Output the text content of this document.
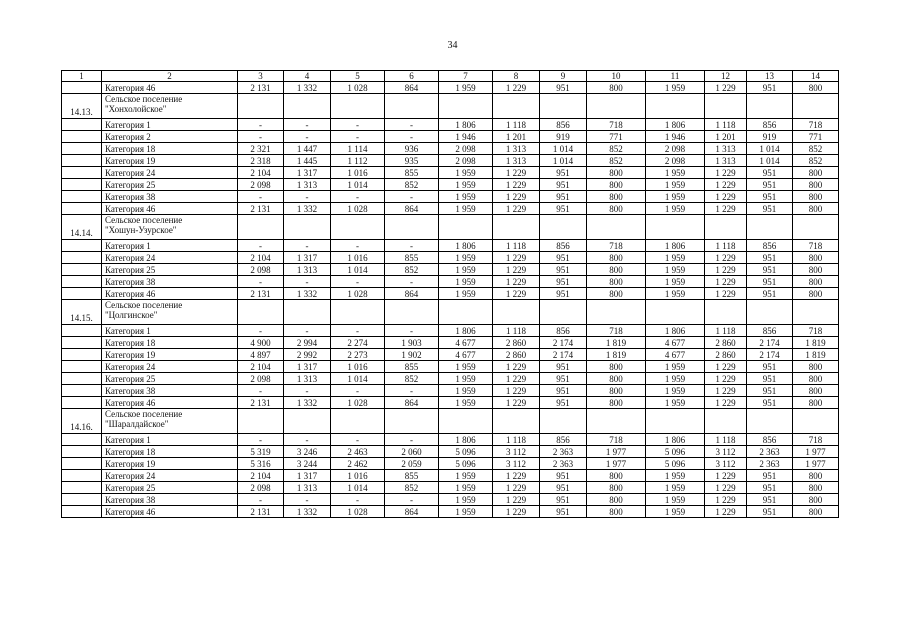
34
1	2	3	4	5	6	7	8	9	10	11	12	13	14
	Категория 46	2 131	1 332	1 028	864	1 959	1 229	951	800	1 959	1 229	951	800
14.13.	Сельское поселение
"Хонхолойское"												

	Категория 1	-	-	-	-	1 806	1 118	856	718	1 806	1 118	856	718
	Категория 2	-	-	-	-	1 946	1 201	919	771	1 946	1 201	919	771
	Категория 18	2 321	1 447	1 114	936	2 098	1 313	1 014	852	2 098	1 313	1 014	852
	Категория 19	2 318	1 445	1 112	935	2 098	1 313	1 014	852	2 098	1 313	1 014	852
	Категория 24	2 104	1 317	1 016	855	1 959	1 229	951	800	1 959	1 229	951	800
	Категория 25	2 098	1 313	1 014	852	1 959	1 229	951	800	1 959	1 229	951	800
	Категория 38	-	-	-	-	1 959	1 229	951	800	1 959	1 229	951	800
	Категория 46	2 131	1 332	1 028	864	1 959	1 229	951	800	1 959	1 229	951	800
14.14.	Сельское поселение
"Хошун-Узурское"												

	Категория 1	-	-	-	-	1 806	1 118	856	718	1 806	1 118	856	718
	Категория 24	2 104	1 317	1 016	855	1 959	1 229	951	800	1 959	1 229	951	800
	Категория 25	2 098	1 313	1 014	852	1 959	1 229	951	800	1 959	1 229	951	800
	Категория 38	-	-	-	-	1 959	1 229	951	800	1 959	1 229	951	800
	Категория 46	2 131	1 332	1 028	864	1 959	1 229	951	800	1 959	1 229	951	800
14.15.	Сельское поселение
"Цолгинское"												

	Категория 1	-	-	-	-	1 806	1 118	856	718	1 806	1 118	856	718
	Категория 18	4 900	2 994	2 274	1 903	4 677	2 860	2 174	1 819	4 677	2 860	2 174	1 819
	Категория 19	4 897	2 992	2 273	1 902	4 677	2 860	2 174	1 819	4 677	2 860	2 174	1 819
	Категория 24	2 104	1 317	1 016	855	1 959	1 229	951	800	1 959	1 229	951	800
	Категория 25	2 098	1 313	1 014	852	1 959	1 229	951	800	1 959	1 229	951	800
	Категория 38	-	-	-	-	1 959	1 229	951	800	1 959	1 229	951	800
	Категория 46	2 131	1 332	1 028	864	1 959	1 229	951	800	1 959	1 229	951	800
14.16.	Сельское поселение
"Шаралдайское"												

	Категория 1	-	-	-	-	1 806	1 118	856	718	1 806	1 118	856	718
	Категория 18	5 319	3 246	2 463	2 060	5 096	3 112	2 363	1 977	5 096	3 112	2 363	1 977
	Категория 19	5 316	3 244	2 462	2 059	5 096	3 112	2 363	1 977	5 096	3 112	2 363	1 977
	Категория 24	2 104	1 317	1 016	855	1 959	1 229	951	800	1 959	1 229	951	800
	Категория 25	2 098	1 313	1 014	852	1 959	1 229	951	800	1 959	1 229	951	800
	Категория 38	-	-	-	-	1 959	1 229	951	800	1 959	1 229	951	800
	Категория 46	2 131	1 332	1 028	864	1 959	1 229	951	800	1 959	1 229	951	800
